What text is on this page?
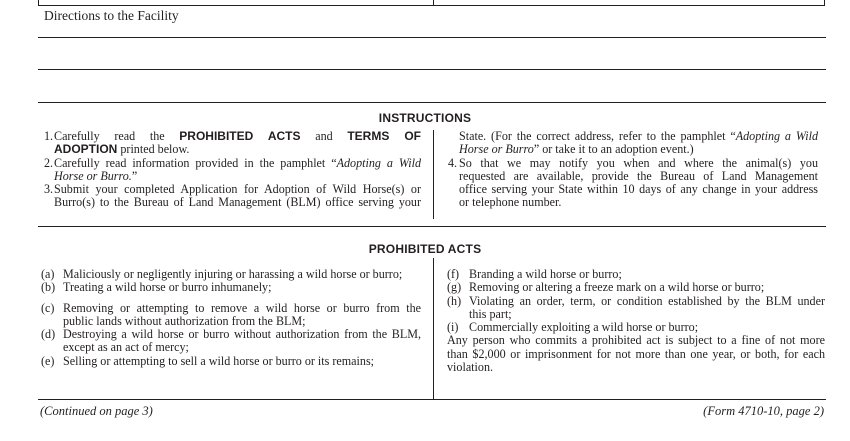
Directions to the Facility
INSTRUCTIONS
1. Carefully read the PROHIBITED ACTS and TERMS OF
ADOPTION printed below.
2. Carefully read information provided in the pamphlet “Adopting a Wild
Horse or Burro.”
3. Submit your completed Application for Adoption of Wild Horse(s) or
Burro(s) to the Bureau of Land Management (BLM) office serving your
State. (For the correct address, refer to the pamphlet “Adopting a Wild
Horse or Burro” or take it to an adoption event.)
4. So that we may notify you when and where the animal(s) you
requested are available, provide the Bureau of Land Management
office serving your State within 10 days of any change in your address
or telephone number.
PROHIBITED ACTS
(a) Maliciously or negligently injuring or harassing a wild horse or burro;
(b) Treating a wild horse or burro inhumanely;
(c) Removing or attempting to remove a wild horse or burro from the
public lands without authorization from the BLM;
(d) Destroying a wild horse or burro without authorization from the BLM,
except as an act of mercy;
(e) Selling or attempting to sell a wild horse or burro or its remains;
(f) Branding a wild horse or burro;
(g) Removing or altering a freeze mark on a wild horse or burro;
(h) Violating an order, term, or condition established by the BLM under
this part;
(i) Commercially exploiting a wild horse or burro;
Any person who commits a prohibited act is subject to a fine of not more
than $2,000 or imprisonment for not more than one year, or both, for each
violation.
(Continued on page 3)	(Form 4710-10, page 2)
